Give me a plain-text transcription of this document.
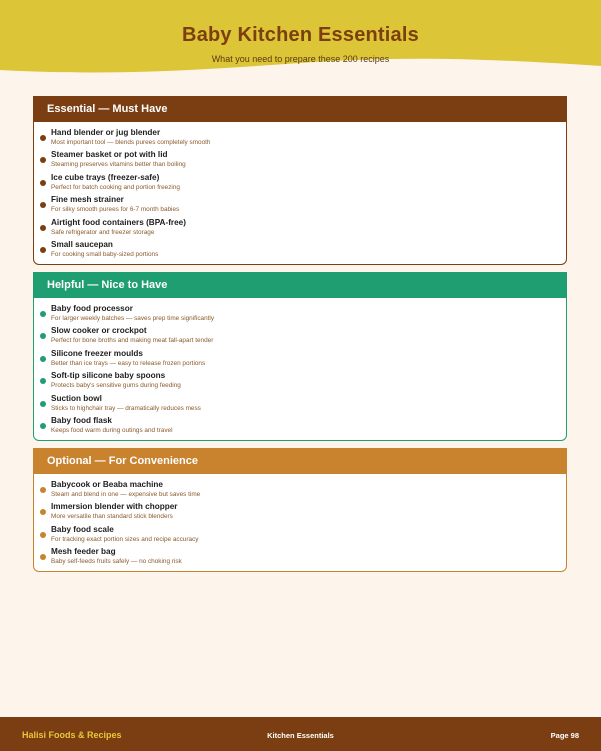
Baby Kitchen Essentials
What you need to prepare these 200 recipes
Essential — Must Have
Hand blender or jug blender
Most important tool — blends purees completely smooth
Steamer basket or pot with lid
Steaming preserves vitamins better than boiling
Ice cube trays (freezer-safe)
Perfect for batch cooking and portion freezing
Fine mesh strainer
For silky smooth purees for 6-7 month babies
Airtight food containers (BPA-free)
Safe refrigerator and freezer storage
Small saucepan
For cooking small baby-sized portions
Helpful — Nice to Have
Baby food processor
For larger weekly batches — saves prep time significantly
Slow cooker or crockpot
Perfect for bone broths and making meat fall-apart tender
Silicone freezer moulds
Better than ice trays — easy to release frozen portions
Soft-tip silicone baby spoons
Protects baby's sensitive gums during feeding
Suction bowl
Sticks to highchair tray — dramatically reduces mess
Baby food flask
Keeps food warm during outings and travel
Optional — For Convenience
Babycook or Beaba machine
Steam and blend in one — expensive but saves time
Immersion blender with chopper
More versatile than standard stick blenders
Baby food scale
For tracking exact portion sizes and recipe accuracy
Mesh feeder bag
Baby self-feeds fruits safely — no choking risk
Halisi Foods & Recipes	Kitchen Essentials	Page 98
